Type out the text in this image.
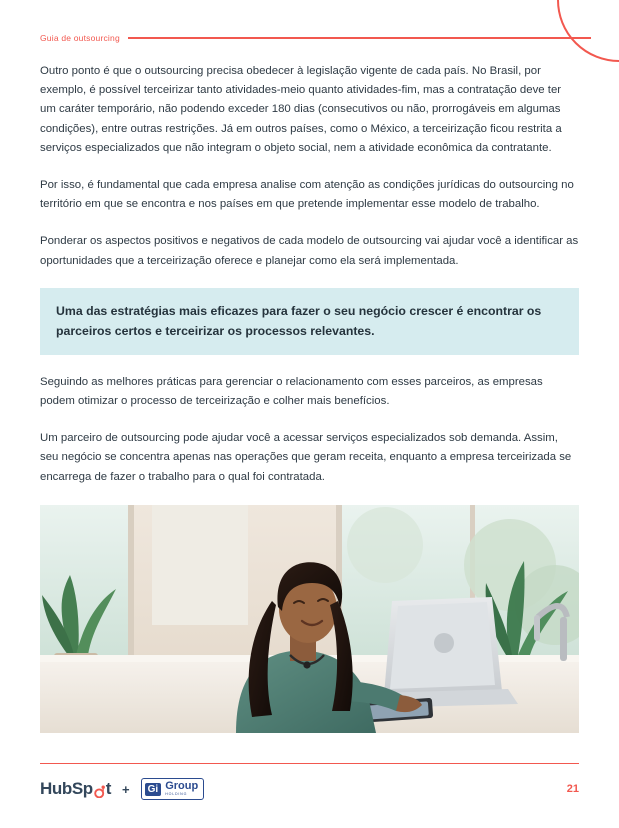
Guia de outsourcing

Outro ponto é que o outsourcing precisa obedecer à legislação vigente de cada país. No Brasil, por exemplo, é possível terceirizar tanto atividades-meio quanto atividades-fim, mas a contratação deve ter um caráter temporário, não podendo exceder 180 dias (consecutivos ou não, prorrogáveis em algumas condições), entre outras restrições. Já em outros países, como o México, a terceirização ficou restrita a serviços especializados que não integram o objeto social, nem a atividade econômica da contratante.

Por isso, é fundamental que cada empresa analise com atenção as condições jurídicas do outsourcing no território em que se encontra e nos países em que pretende implementar esse modelo de trabalho.

Ponderar os aspectos positivos e negativos de cada modelo de outsourcing vai ajudar você a identificar as oportunidades que a terceirização oferece e planejar como ela será implementada.

Uma das estratégias mais eficazes para fazer o seu negócio crescer é encontrar os parceiros certos e terceirizar os processos relevantes.

Seguindo as melhores práticas para gerenciar o relacionamento com esses parceiros, as empresas podem otimizar o processo de terceirização e colher mais benefícios.

Um parceiro de outsourcing pode ajudar você a acessar serviços especializados sob demanda. Assim, seu negócio se concentra apenas nas operações que geram receita, enquanto a empresa terceirizada se encarrega de fazer o trabalho para o qual foi contratada.

HubSp t +	Gi Group
HOLDING	21
